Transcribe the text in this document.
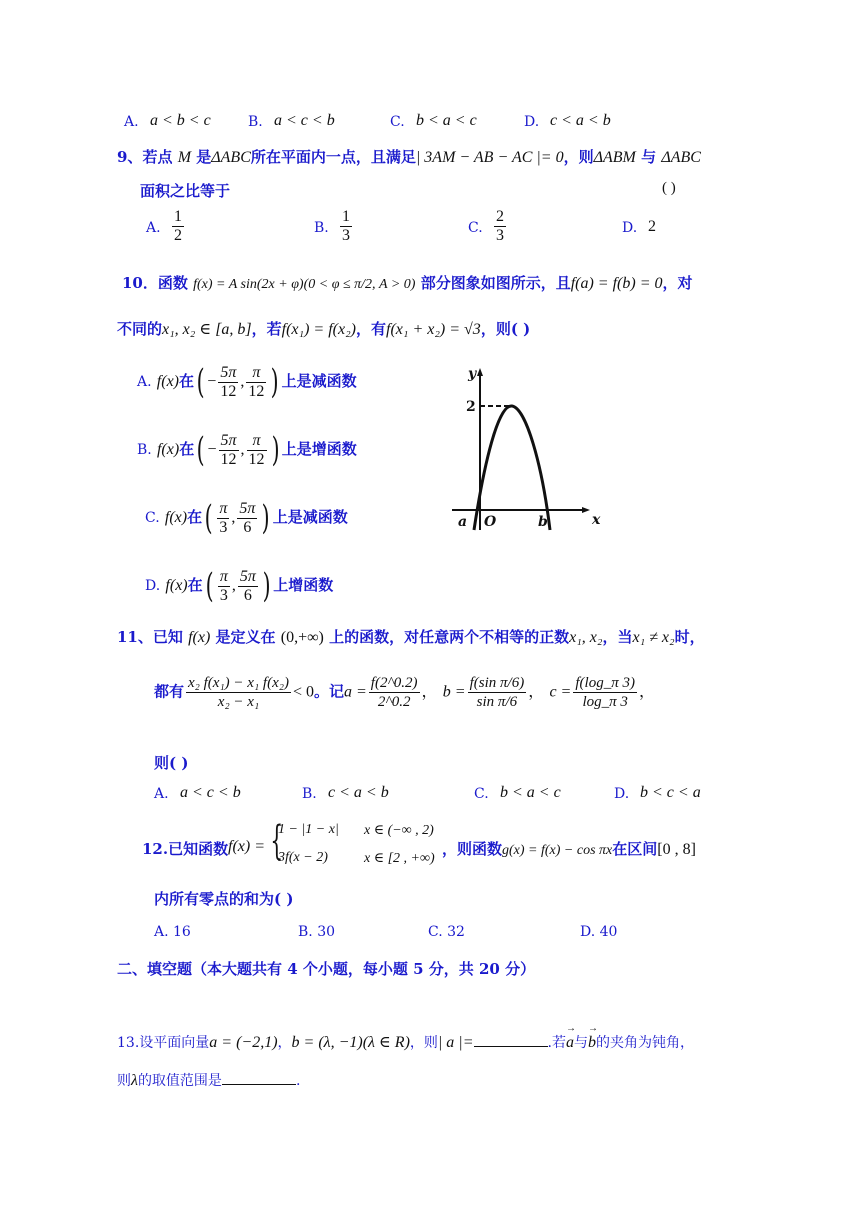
A. a < b < c	B. a < c < b	C. b < a < c	D. c < a < b
9、若点 M 是ΔABC所在平面内一点，且满足| 3AM − AB − AC |= 0，则ΔABM 与 ΔABC
面积之比等于	( )
A. $\frac{1}{2}$	B. $\frac{1}{3}$	C. $\frac{2}{3}$	D. 2
10．函数 f(x) = A sin(2x + φ)(0 < φ ≤ π/2, A > 0) 部分图象如图所示，且f(a) = f(b) = 0，对
不同的x₁, x₂ ∈ [a, b]，若f(x₁) = f(x₂)，有f(x₁ + x₂) = √3，则( )
A. f(x)在( − $\frac{5\pi}{12}$ , $\frac{\pi}{12}$ ) 上是减函数
B. f(x)在( − $\frac{5\pi}{12}$ , $\frac{\pi}{12}$ ) 上是增函数
C. f(x)在( $\frac{\pi}{3}$ , $\frac{5\pi}{6}$ ) 上是减函数
D. f(x)在( $\frac{\pi}{3}$ , $\frac{5\pi}{6}$ ) 上增函数
y
2
a O	b	x
11、已知 f(x) 是定义在 (0,+∞) 上的函数，对任意两个不相等的正数x₁, x₂，当x₁ ≠ x₂时，
都有 $\frac{\text{x₂ f(x₁) − x₁ f(x₂)}}{\text{x₂ − x₁}} < 0$。记$a = \frac{f(2\^{}0.2)}{2\^{}0.2}$ ， $b = \frac{\text{f(sin π/6)}}{\text{sin π/6}}$ ， $c = \frac{f(\log\_\pi 3)}{\log\_\pi 3}$ ，
则( )
A. a < c < b	B. c < a < b	C. b < a < c	D. b < c < a
12.已知函数 f(x) = {
1 − |1 − x| x ∈ (−∞ , 2)
3f(x − 2)	x ∈ [2 , +∞)
，则函数g(x) = f(x) − cos πx在区间[0 , 8]
内所有零点的和为( )
A. 16	B. 30	C. 32	D. 40
二、填空题（本大题共有 4 个小题，每小题 5 分，共 20 分）
13.设平面向量a = (−2,1)，b = (λ, −1)(λ ∈ R)，则| a |=	.若→ a与→ b的夹角为钝角，
则λ的取值范围是	.
